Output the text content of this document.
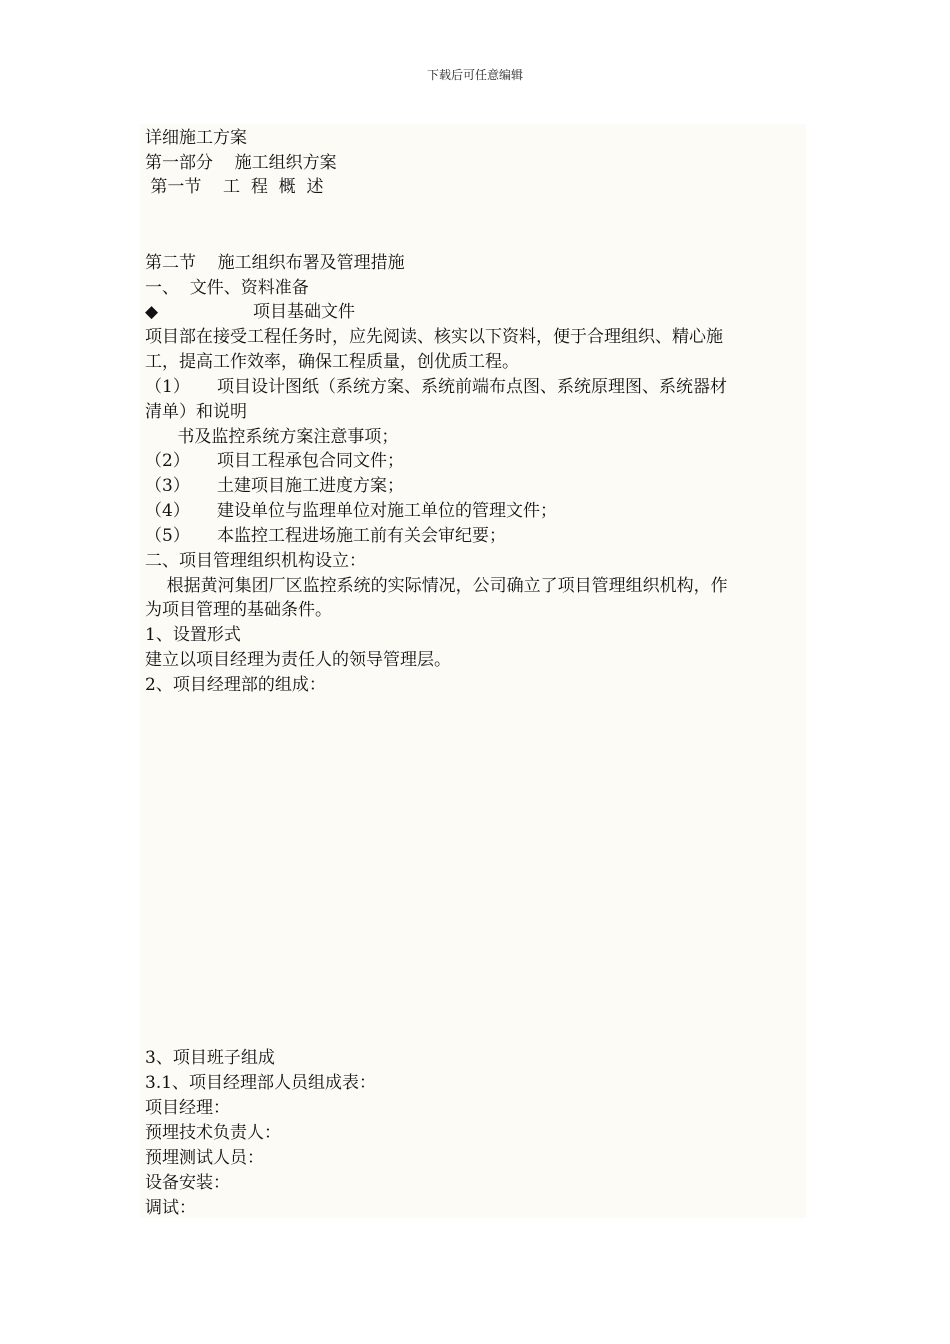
下载后可任意编辑
详细施工方案
第一部分    施工组织方案
第一节    工  程  概  述
第二节    施工组织布署及管理措施
一、  文件、资料准备
◆	项目基础文件
项目部在接受工程任务时，应先阅读、核实以下资料，便于合理组织、精心施
工，提高工作效率，确保工程质量，创优质工程。
（1） 项目设计图纸（系统方案、系统前端布点图、系统原理图、系统器材
清单）和说明
书及监控系统方案注意事项；
（2） 项目工程承包合同文件；
（3） 土建项目施工进度方案；
（4） 建设单位与监理单位对施工单位的管理文件；
（5） 本监控工程进场施工前有关会审纪要；
二、项目管理组织机构设立：
根据黄河集团厂区监控系统的实际情况，公司确立了项目管理组织机构，作
为项目管理的基础条件。
1、设置形式
建立以项目经理为责任人的领导管理层。
2、项目经理部的组成：
3、项目班子组成
3.1、项目经理部人员组成表：
项目经理：
预埋技术负责人：
预埋测试人员：
设备安装：
调试：
